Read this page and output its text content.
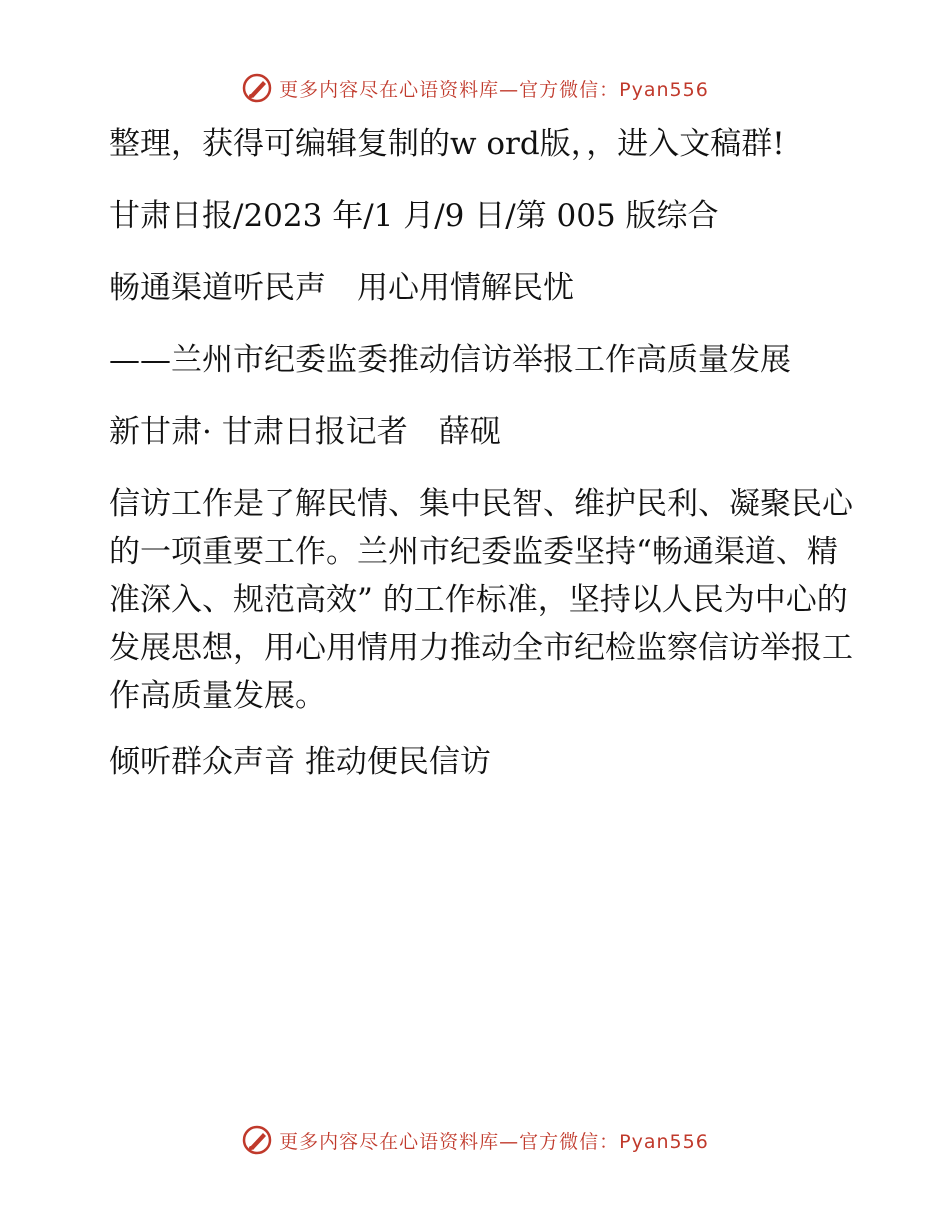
更多内容尽在心语资料库—官方微信：Pyan556

整理，获得可编辑复制的w ord版，，进入文稿群!

甘肃日报/2023 年/1 月/9 日/第 005 版综合

畅通渠道听民声　用心用情解民忧

——兰州市纪委监委推动信访举报工作高质量发展

新甘肃· 甘肃日报记者　薛砚

信访工作是了解民情、集中民智、维护民利、凝聚民心的一项重要工作。兰州市纪委监委坚持“畅通渠道、精准深入、规范高效” 的工作标准，坚持以人民为中心的发展思想，用心用情用力推动全市纪检监察信访举报工作高质量发展。

倾听群众声音 推动便民信访

更多内容尽在心语资料库—官方微信：Pyan556
